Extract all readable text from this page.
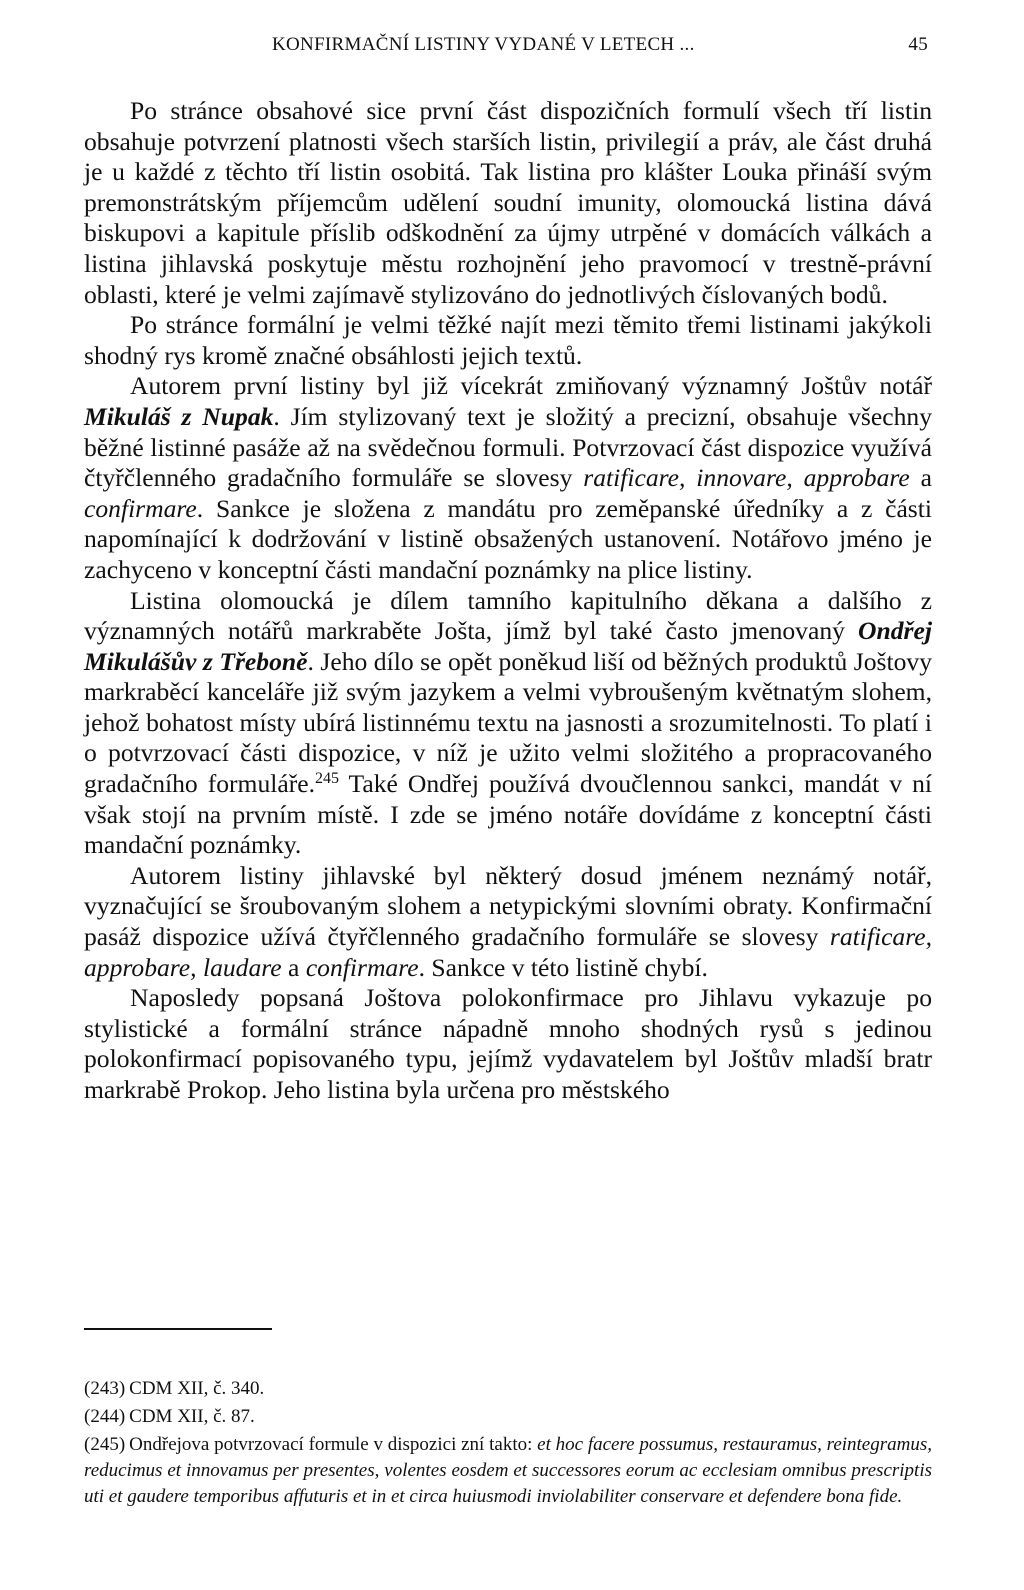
KONFIRMAČNÍ LISTINY VYDANÉ V LETECH ...	45

Po stránce obsahové sice první část dispozičních formulí všech tří listin obsahuje potvrzení platnosti všech starších listin, privilegií a práv, ale část druhá je u každé z těchto tří listin osobitá. Tak listina pro klášter Louka přináší svým premonstrátským příjemcům udělení soudní imunity, olomoucká listina dává biskupovi a kapitule příslib odškodnění za újmy utrpěné v domácích válkách a listina jihlavská poskytuje městu rozhojnění jeho pravomocí v trestně-právní oblasti, které je velmi zajímavě stylizováno do jednotlivých číslovaných bodů.

Po stránce formální je velmi těžké najít mezi těmito třemi listinami jakýkoli shodný rys kromě značné obsáhlosti jejich textů.

Autorem první listiny byl již vícekrát zmiňovaný významný Joštův notář Mikuláš z Nupak. Jím stylizovaný text je složitý a precizní, obsahuje všechny běžné listinné pasáže až na svědečnou formuli. Potvrzovací část dispozice využívá čtyřčlenného gradačního formuláře se slovesy ratificare, innovare, approbare a confirmare. Sankce je složena z mandátu pro zeměpanské úředníky a z části napomínající k dodržování v listině obsažených ustanovení. Notářovo jméno je zachyceno v konceptní části mandační poznámky na plice listiny.

Listina olomoucká je dílem tamního kapitulního děkana a dalšího z významných notářů markraběte Jošta, jímž byl také často jmenovaný Ondřej Mikulášův z Třeboně. Jeho dílo se opět poněkud liší od běžných produktů Joštovy markraběcí kanceláře již svým jazykem a velmi vybroušeným květnatým slohem, jehož bohatost místy ubírá listinnému textu na jasnosti a srozumitelnosti. To platí i o potvrzovací části dispozice, v níž je užito velmi složitého a propracovaného gradačního formuláře.$^{245}$ Také Ondřej používá dvoučlennou sankci, mandát v ní však stojí na prvním místě. I zde se jméno notáře dovídáme z konceptní části mandační poznámky.

Autorem listiny jihlavské byl některý dosud jménem neznámý notář, vyznačující se šroubovaným slohem a netypickými slovními obraty. Konfirmační pasáž dispozice užívá čtyřčlenného gradačního formuláře se slovesy ratificare, approbare, laudare a confirmare. Sankce v této listině chybí.

Naposledy popsaná Joštova polokonfirmace pro Jihlavu vykazuje po stylistické a formální stránce nápadně mnoho shodných rysů s jedinou polokonfirmací popisovaného typu, jejímž vydavatelem byl Joštův mladší bratr markrabě Prokop. Jeho listina byla určena pro městského

(243) CDM XII, č. 340.

(244) CDM XII, č. 87.

(245) Ondřejova potvrzovací formule v dispozici zní takto: et hoc facere possumus, restauramus, reintegramus, reducimus et innovamus per presentes, volentes eosdem et successores eorum ac ecclesiam omnibus prescriptis uti et gaudere temporibus affuturis et in et circa huiusmodi inviolabiliter conservare et defendere bona fide.
